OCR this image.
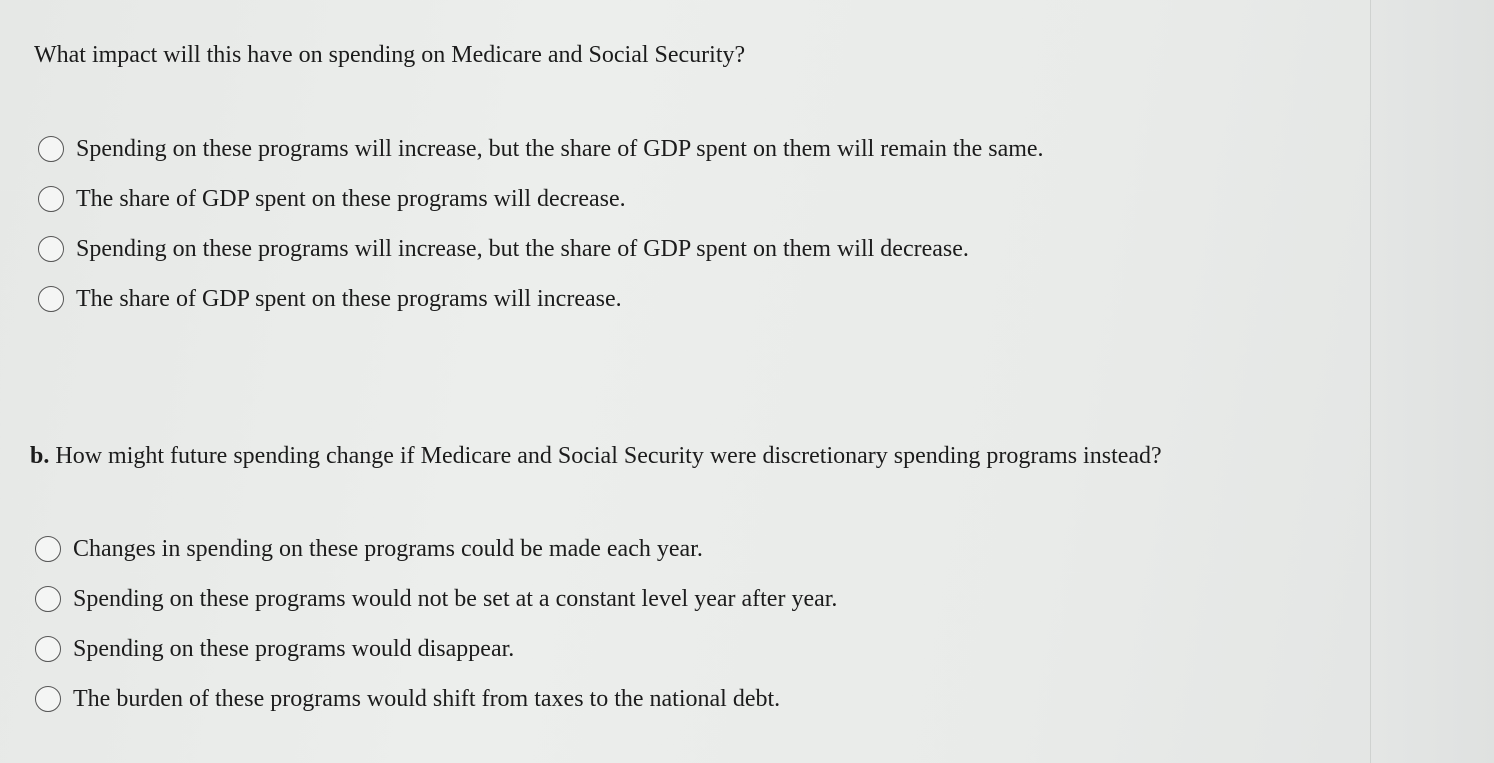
What impact will this have on spending on Medicare and Social Security?
Spending on these programs will increase, but the share of GDP spent on them will remain the same.
The share of GDP spent on these programs will decrease.
Spending on these programs will increase, but the share of GDP spent on them will decrease.
The share of GDP spent on these programs will increase.
b. How might future spending change if Medicare and Social Security were discretionary spending programs instead?
Changes in spending on these programs could be made each year.
Spending on these programs would not be set at a constant level year after year.
Spending on these programs would disappear.
The burden of these programs would shift from taxes to the national debt.
